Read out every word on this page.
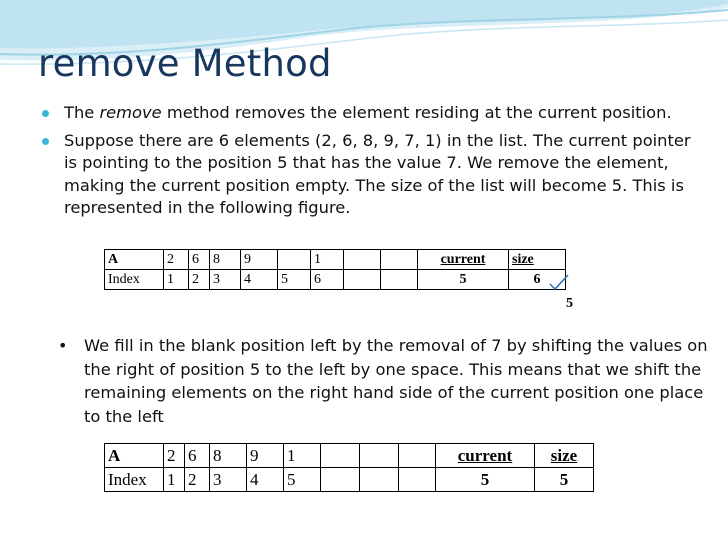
remove Method
The remove method removes the element residing at the current position.
Suppose there are 6 elements (2, 6, 8, 9, 7, 1) in the list. The current pointer is pointing to the position 5 that has the value 7. We remove the element, making the current position empty. The size of the list will become 5. This is represented in the following figure.
A	2	6	8	9		1			current	size
Index	1	2	3	4	5	6			5	6
5
• We fill in the blank position left by the removal of 7 by shifting the values on the right of position 5 to the left by one space. This means that we shift the remaining elements on the right hand side of the current position one place to the left
A	2	6	8	9	1				current	size
Index	1	2	3	4	5				5	5
